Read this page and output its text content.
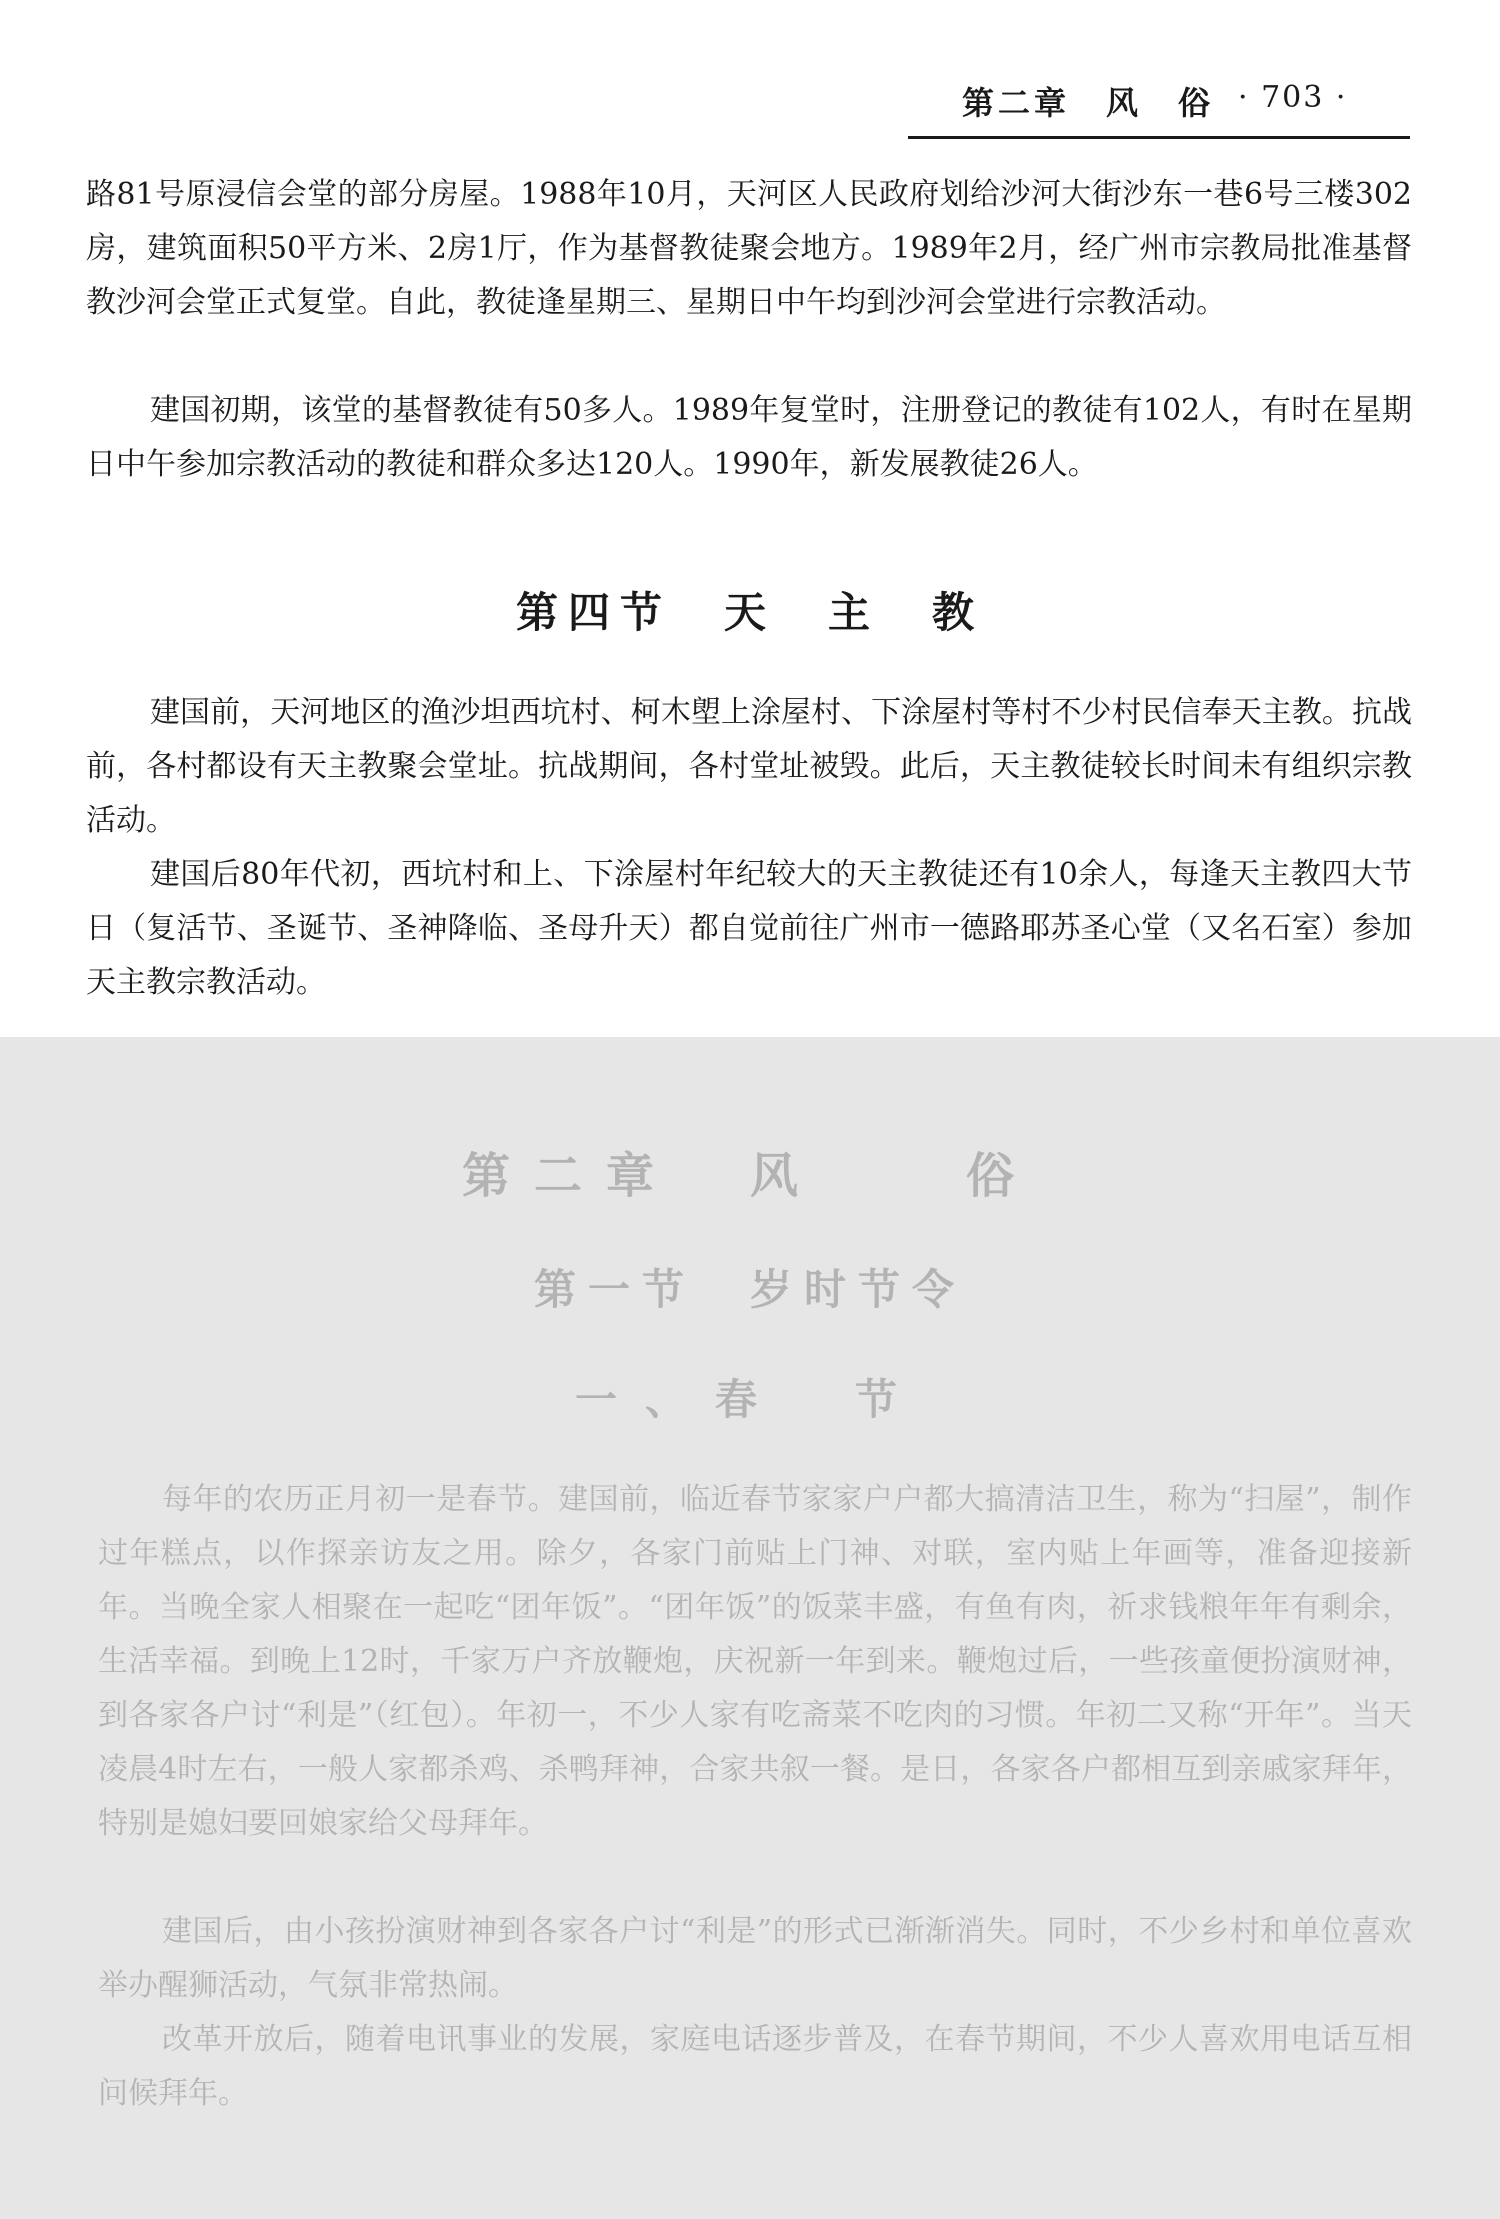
第二章　风　俗 · 703 ·

路81号原浸信会堂的部分房屋。1988年10月，天河区人民政府划给沙河大街沙东一巷6号三楼302房，建筑面积50平方米、2房1厅，作为基督教徒聚会地方。1989年2月，经广州市宗教局批准基督教沙河会堂正式复堂。自此，教徒逢星期三、星期日中午均到沙河会堂进行宗教活动。

建国初期，该堂的基督教徒有50多人。1989年复堂时，注册登记的教徒有102人，有时在星期日中午参加宗教活动的教徒和群众多达120人。1990年，新发展教徒26人。

第四节　天　主　教

建国前，天河地区的渔沙坦西坑村、柯木塱上涂屋村、下涂屋村等村不少村民信奉天主教。抗战前，各村都设有天主教聚会堂址。抗战期间，各村堂址被毁。此后，天主教徒较长时间未有组织宗教活动。

建国后80年代初，西坑村和上、下涂屋村年纪较大的天主教徒还有10余人，每逢天主教四大节日（复活节、圣诞节、圣神降临、圣母升天）都自觉前往广州市一德路耶苏圣心堂（又名石室）参加天主教宗教活动。

第二章　风　　俗
第一节　岁时节令
一、春　节

每年的农历正月初一是春节。建国前，临近春节家家户户都大搞清洁卫生，称为“扫屋”，制作过年糕点，以作探亲访友之用。除夕，各家门前贴上门神、对联，室内贴上年画等，准备迎接新年。当晚全家人相聚在一起吃“团年饭”。“团年饭”的饭菜丰盛，有鱼有肉，祈求钱粮年年有剩余，生活幸福。到晚上12时，千家万户齐放鞭炮，庆祝新一年到来。鞭炮过后，一些孩童便扮演财神，到各家各户讨“利是”（红包）。年初一，不少人家有吃斋菜不吃肉的习惯。年初二又称“开年”。当天凌晨4时左右，一般人家都杀鸡、杀鸭拜神，合家共叙一餐。是日，各家各户都相互到亲戚家拜年，特别是媳妇要回娘家给父母拜年。

建国后，由小孩扮演财神到各家各户讨“利是”的形式已渐渐消失。同时，不少乡村和单位喜欢举办醒狮活动，气氛非常热闹。

改革开放后，随着电讯事业的发展，家庭电话逐步普及，在春节期间，不少人喜欢用电话互相问候拜年。
